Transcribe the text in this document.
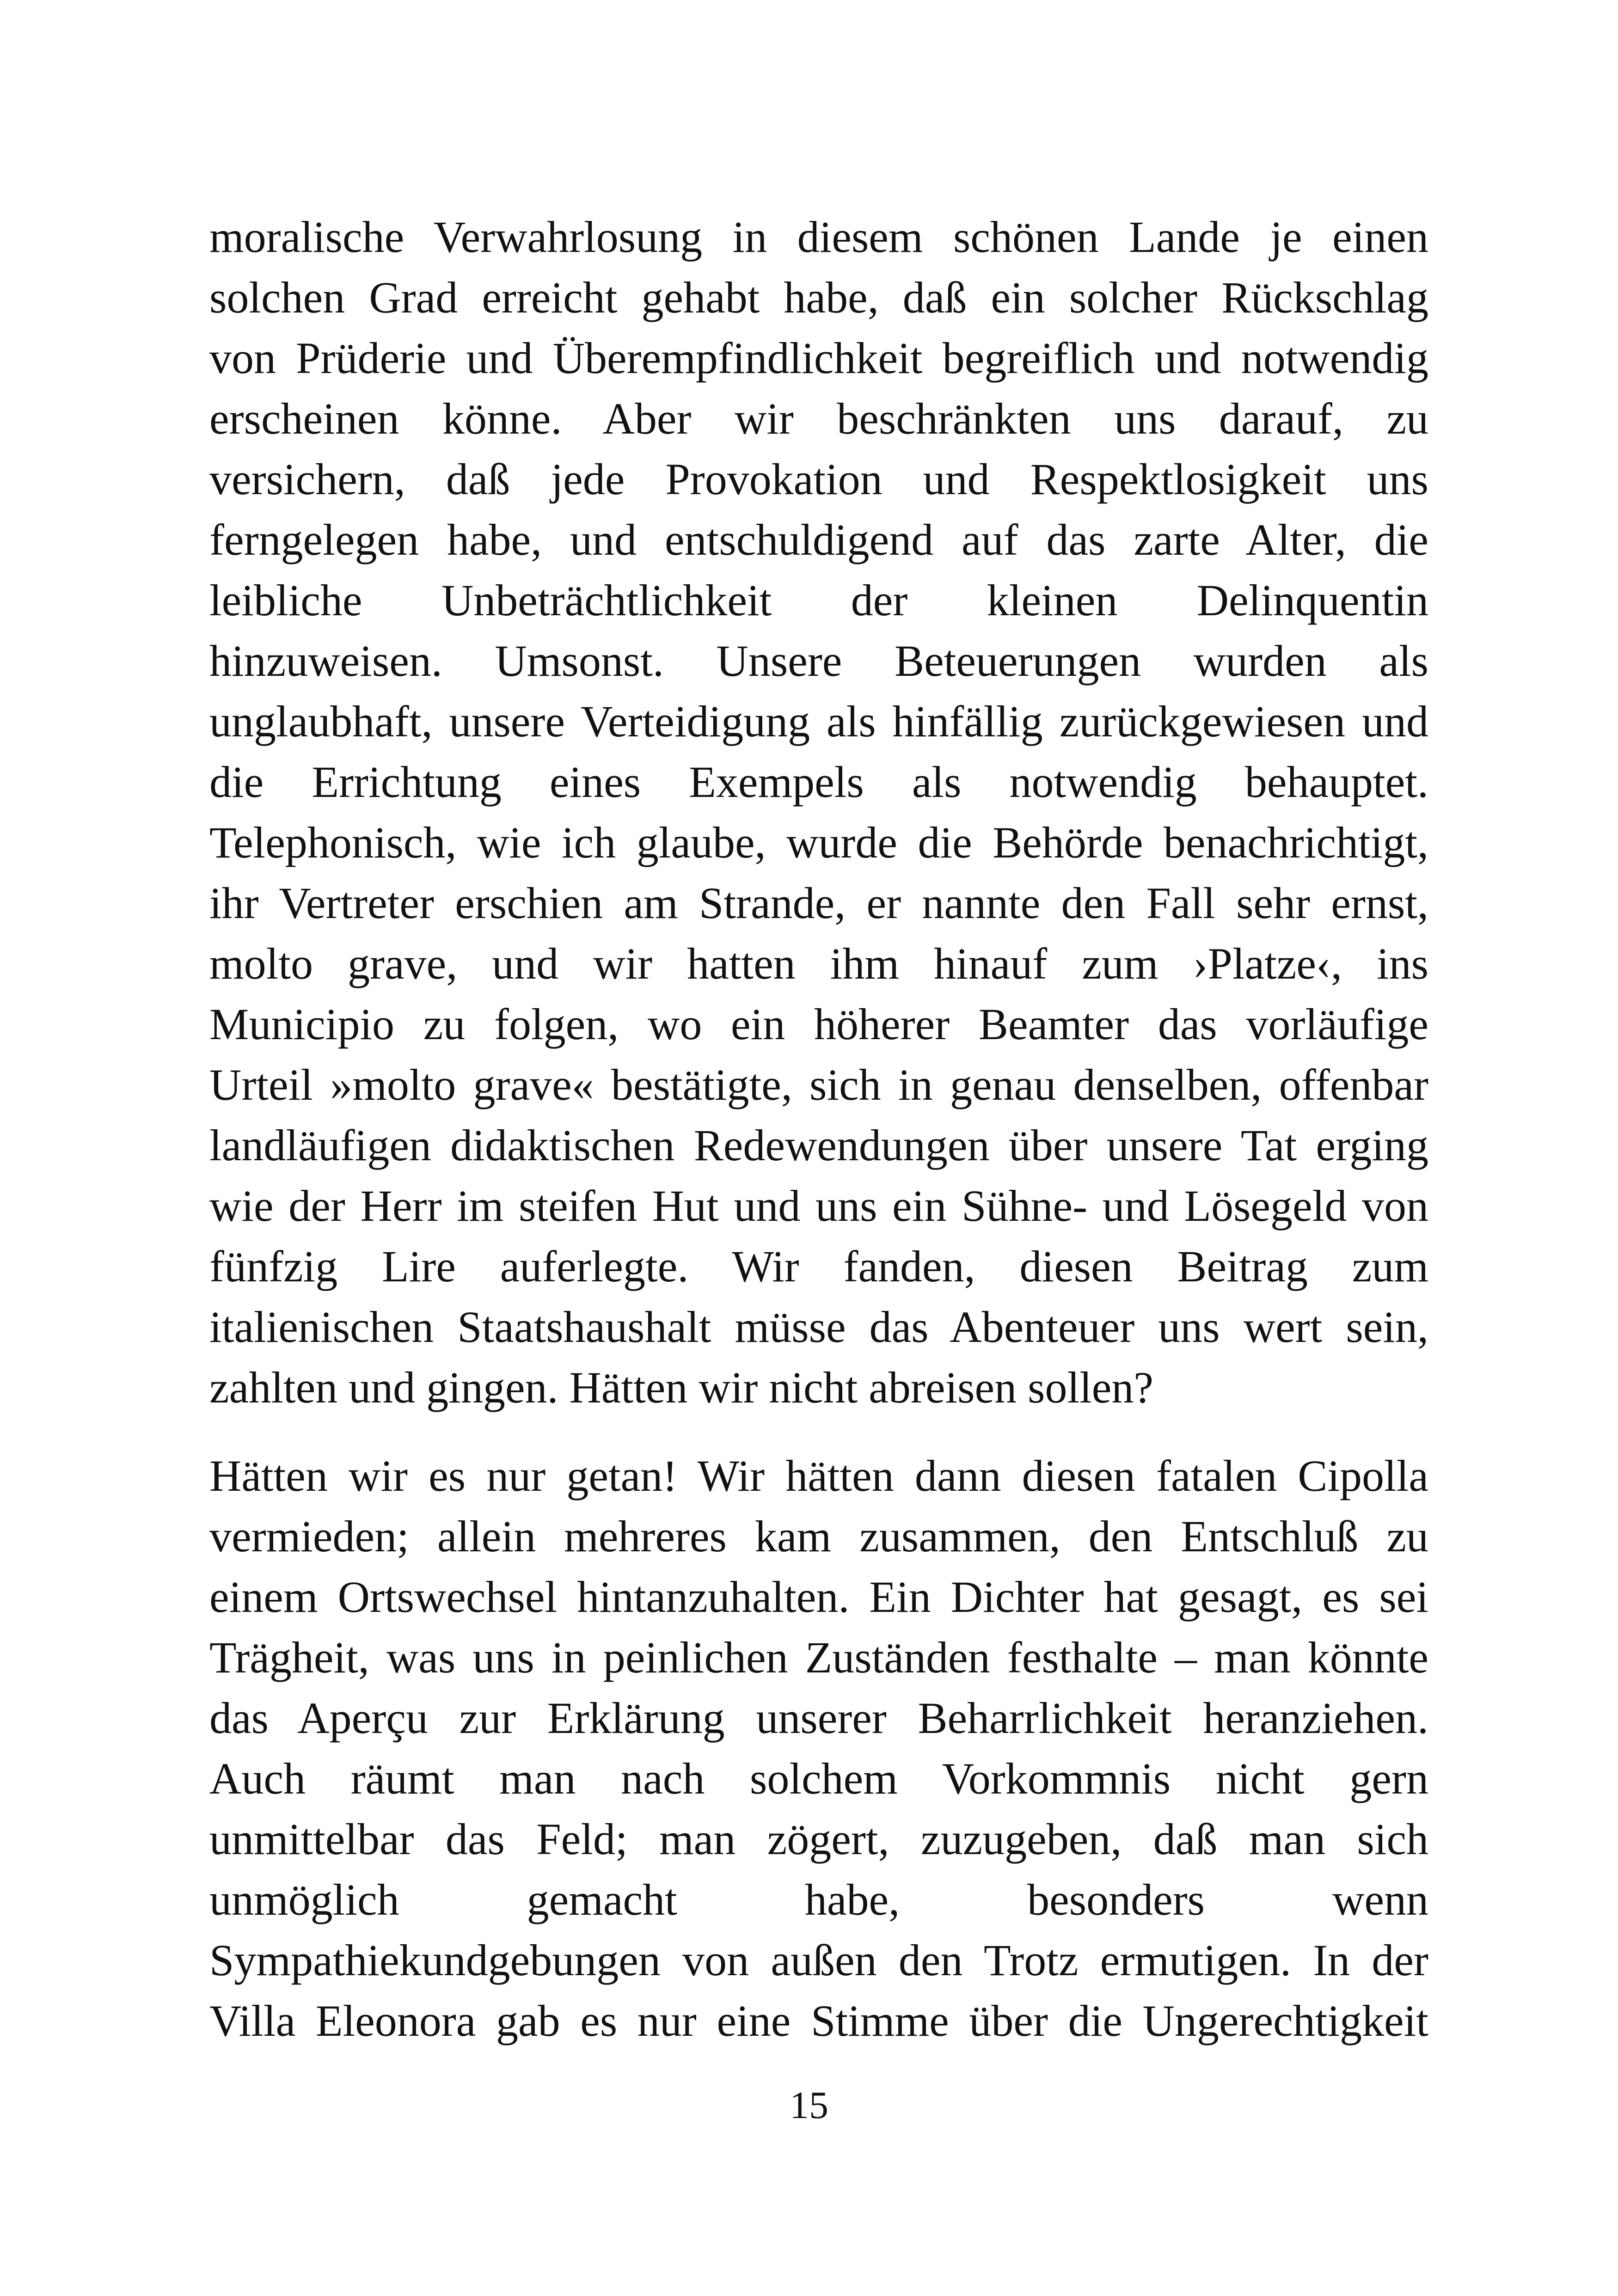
moralische Verwahrlosung in diesem schönen Lande je einen
solchen Grad erreicht gehabt habe, daß ein solcher Rückschlag
von Prüderie und Überempfindlichkeit begreiflich und notwendig
erscheinen könne. Aber wir beschränkten uns darauf, zu
versichern, daß jede Provokation und Respektlosigkeit uns
ferngelegen habe, und entschuldigend auf das zarte Alter, die
leibliche Unbeträchtlichkeit der kleinen Delinquentin
hinzuweisen. Umsonst. Unsere Beteuerungen wurden als
unglaubhaft, unsere Verteidigung als hinfällig zurückgewiesen und
die Errichtung eines Exempels als notwendig behauptet.
Telephonisch, wie ich glaube, wurde die Behörde benachrichtigt,
ihr Vertreter erschien am Strande, er nannte den Fall sehr ernst,
molto grave, und wir hatten ihm hinauf zum ›Platze‹, ins
Municipio zu folgen, wo ein höherer Beamter das vorläufige
Urteil »molto grave« bestätigte, sich in genau denselben, offenbar
landläufigen didaktischen Redewendungen über unsere Tat erging
wie der Herr im steifen Hut und uns ein Sühne- und Lösegeld von
fünfzig Lire auferlegte. Wir fanden, diesen Beitrag zum
italienischen Staatshaushalt müsse das Abenteuer uns wert sein,
zahlten und gingen. Hätten wir nicht abreisen sollen?
Hätten wir es nur getan! Wir hätten dann diesen fatalen Cipolla
vermieden; allein mehreres kam zusammen, den Entschluß zu
einem Ortswechsel hintanzuhalten. Ein Dichter hat gesagt, es sei
Trägheit, was uns in peinlichen Zuständen festhalte – man könnte
das Aperçu zur Erklärung unserer Beharrlichkeit heranziehen.
Auch räumt man nach solchem Vorkommnis nicht gern
unmittelbar das Feld; man zögert, zuzugeben, daß man sich
unmöglich gemacht habe, besonders wenn
Sympathiekundgebungen von außen den Trotz ermutigen. In der
Villa Eleonora gab es nur eine Stimme über die Ungerechtigkeit
15
